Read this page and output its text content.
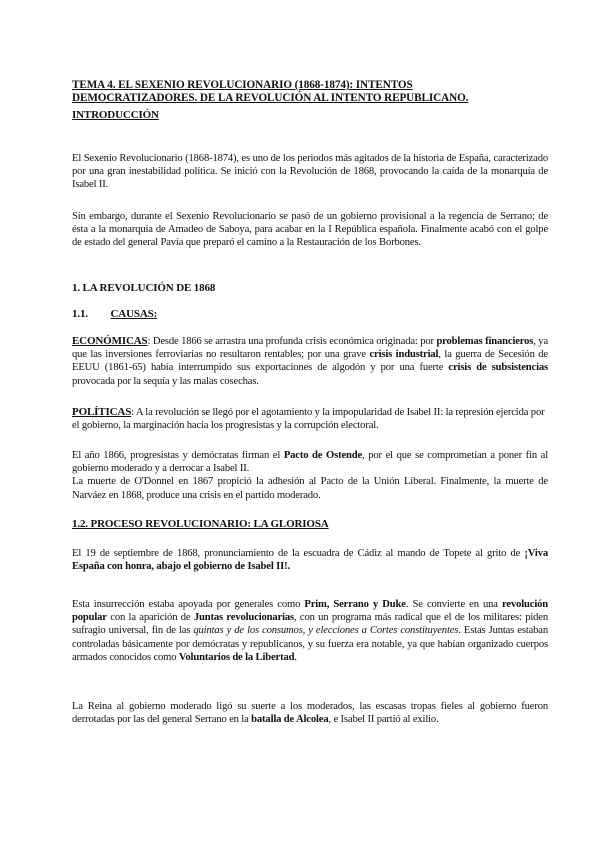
TEMA 4. EL SEXENIO REVOLUCIONARIO (1868-1874): INTENTOS
DEMOCRATIZADORES. DE LA REVOLUCIÓN AL INTENTO REPUBLICANO.
INTRODUCCIÓN
El Sexenio Revolucionario (1868-1874), es uno de los periodos más agitados de la historia de España, caracterizado por una gran inestabilidad política. Se inició con la Revolución de 1868, provocando la caída de la monarquía de Isabel II.
Sin embargo, durante el Sexenio Revolucionario se pasó de un gobierno provisional a la regencia de Serrano; de ésta a la monarquía de Amadeo de Saboya, para acabar en la I República española. Finalmente acabó con el golpe de estado del general Pavía que preparó el camino a la Restauración de los Borbones.
1. LA REVOLUCIÓN DE 1868
1.1. CAUSAS:
ECONÓMICAS: Desde 1866 se arrastra una profunda crisis económica originada: por problemas financieros, ya que las inversiones ferroviarias no resultaron rentables; por una grave crisis industrial, la guerra de Secesión de EEUU (1861-65) había interrumpido sus exportaciones de algodón y por una fuerte crisis de subsistencias provocada por la sequía y las malas cosechas.
POLÍTICAS: A la revolución se llegó por el agotamiento y la impopularidad de Isabel II: la represión ejercida por el gobierno, la marginación hacia los progresistas y la corrupción electoral.
El año 1866, progresistas y demócratas firman el Pacto de Ostende, por el que se comprometían a poner fin al gobierno moderado y a derrocar a Isabel II.
La muerte de O'Donnel en 1867 propició la adhesión al Pacto de la Unión Liberal. Finalmente, la muerte de Narváez en 1868, produce una crisis en el partido moderado.
1.2. PROCESO REVOLUCIONARIO: LA GLORIOSA
El 19 de septiembre de 1868, pronunciamiento de la escuadra de Cádiz al mando de Topete al grito de ¡Viva España con honra, abajo el gobierno de Isabel II!.
Esta insurrección estaba apoyada por generales como Prim, Serrano y Duke. Se convierte en una revolución popular con la aparición de Juntas revolucionarias, con un programa más radical que el de los militares: piden sufragio universal, fin de las quintas y de los consumos, y elecciones a Cortes constituyentes. Estas Juntas estaban controladas básicamente por demócratas y republicanos, y su fuerza era notable, ya que habían organizado cuerpos armados conocidos como Voluntarios de la Libertad.
La Reina al gobierno moderado ligó su suerte a los moderados, las escasas tropas fieles al gobierno fueron derrotadas por las del general Serrano en la batalla de Alcolea, e Isabel II partió al exilio.
